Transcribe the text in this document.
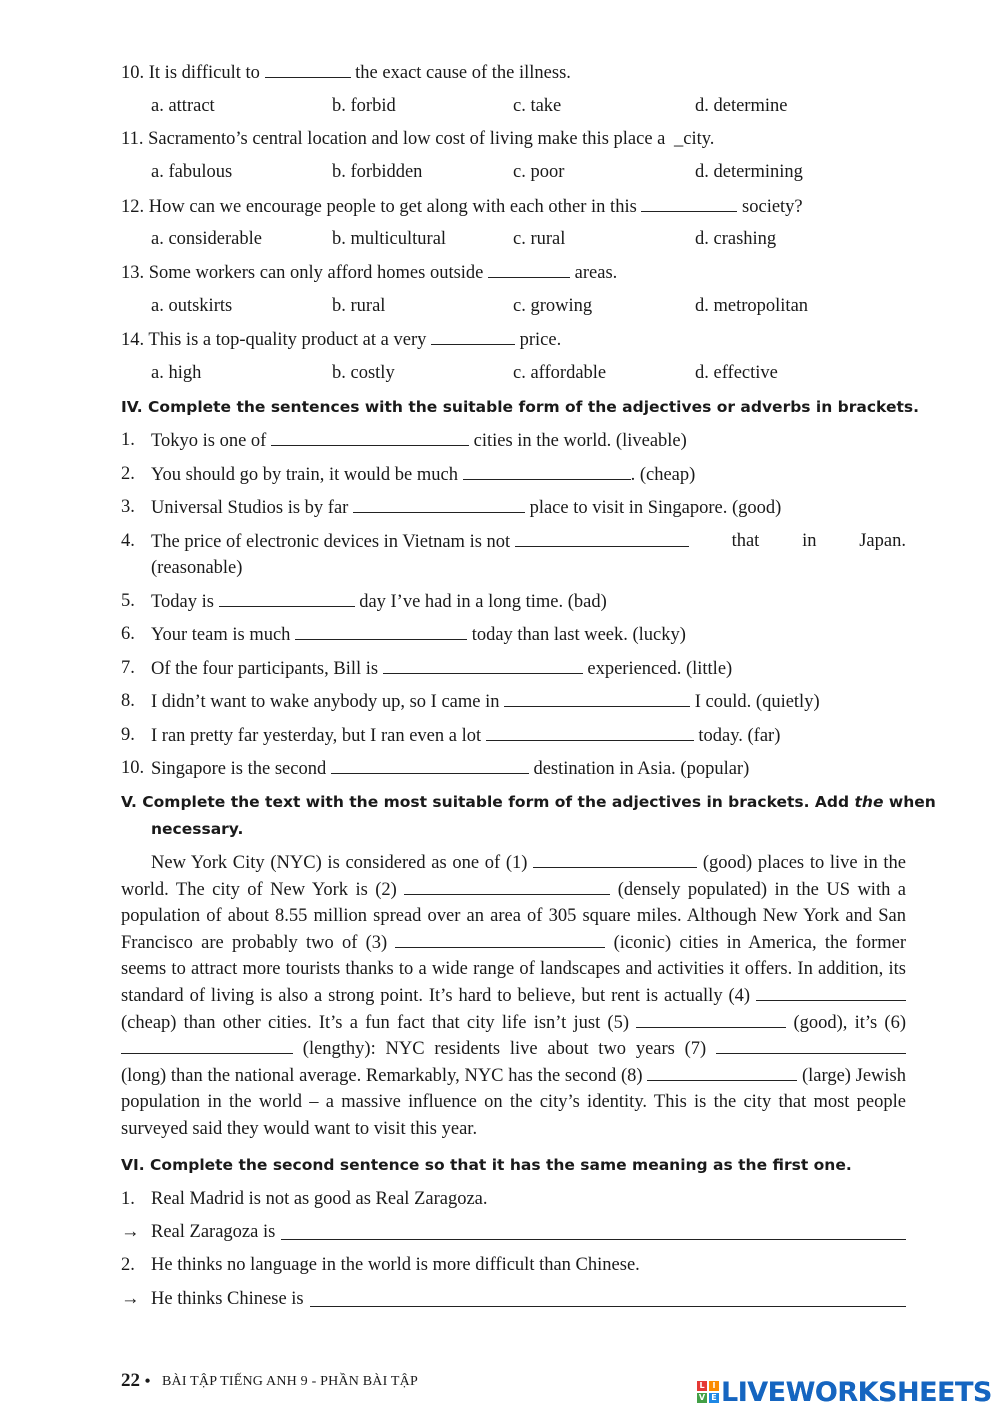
10. It is difficult to	the exact cause of the illness.
a. attract	b. forbid	c. take	d. determine
11. Sacramento’s central location and low cost of living make this place a _city.
a. fabulous	b. forbidden	c. poor	d. determining
12. How can we encourage people to get along with each other in this	society?
a. considerable	b. multicultural	c. rural	d. crashing
13. Some workers can only afford homes outside	areas.
a. outskirts	b. rural	c. growing	d. metropolitan
14. This is a top-quality product at a very	price.
a. high	b. costly	c. affordable	d. effective
IV. Complete the sentences with the suitable form of the adjectives or adverbs in brackets.
1. Tokyo is one of	cities in the world. (liveable)
2. You should go by train, it would be much	. (cheap)
3. Universal Studios is by far	place to visit in Singapore. (good)
4. The price of electronic devices in Vietnam is not	that in Japan.
(reasonable)
5. Today is	day I’ve had in a long time. (bad)
6. Your team is much	today than last week. (lucky)
7. Of the four participants, Bill is	experienced. (little)
8. I didn’t want to wake anybody up, so I came in	I could. (quietly)
9. I ran pretty far yesterday, but I ran even a lot	today. (far)
10. Singapore is the second	destination in Asia. (popular)
V. Complete the text with the most suitable form of the adjectives in brackets. Add the when
necessary.
New York City (NYC) is considered as one of (1)	(good) places to live in the world. The city of New York is (2)	(densely populated) in the US with a population of about 8.55 million spread over an area of 305 square miles. Although New York and San Francisco are probably two of (3)	(iconic) cities in America, the former seems to attract more tourists thanks to a wide range of landscapes and activities it offers. In addition, its standard of living is also a strong point. It’s hard to believe, but rent is actually (4)  (cheap) than other cities. It’s a fun fact that city life isn’t just (5)	(good), it’s (6)  (lengthy): NYC residents live about two years (7)  (long) than the national average. Remarkably, NYC has the second (8)	(large) Jewish population in the world – a massive influence on the city’s identity. This is the city that most people surveyed said they would want to visit this year.
VI. Complete the second sentence so that it has the same meaning as the first one.
1. Real Madrid is not as good as Real Zaragoza.
→ Real Zaragoza is
2. He thinks no language in the world is more difficult than Chinese.
→ He thinks Chinese is
22 • BÀI TẬP TIẾNG ANH 9 - PHẦN BÀI TẬP	L I
V E LIVEWORKSHEETS
